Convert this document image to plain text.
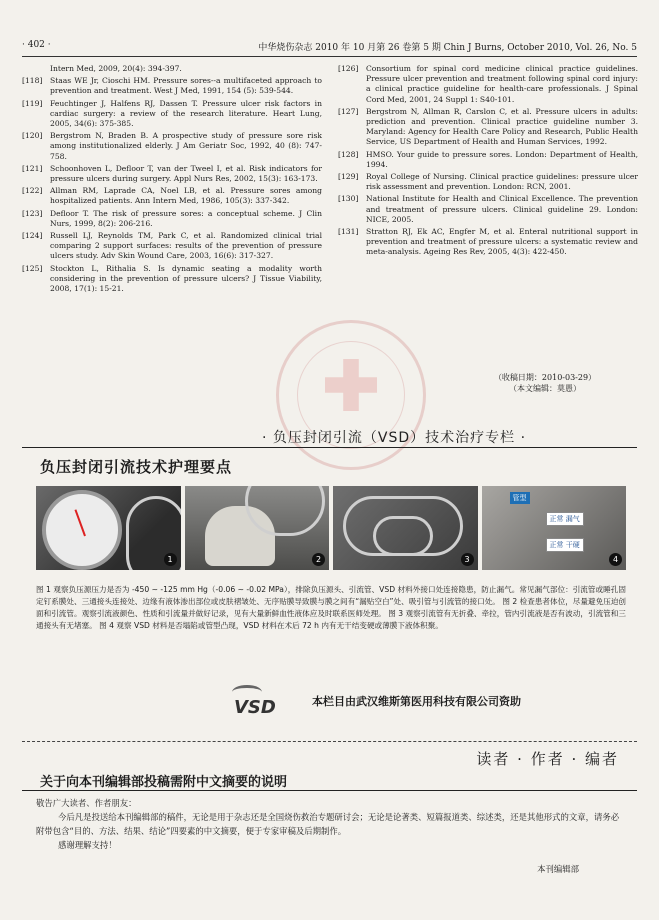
· 402 ·	中华烧伤杂志 2010 年 10 月第 26 卷第 5 期 Chin J Burns, October 2010, Vol. 26, No. 5
Intern Med, 2009, 20(4): 394-397.
[118] Staas WE Jr, Cioschi HM. Pressure sores--a multifaceted approach to prevention and treatment. West J Med, 1991, 154 (5): 539-544.
[119] Feuchtinger J, Halfens RJ, Dassen T. Pressure ulcer risk factors in cardiac surgery: a review of the research literature. Heart Lung, 2005, 34(6): 375-385.
[120] Bergstrom N, Braden B. A prospective study of pressure sore risk among institutionalized elderly. J Am Geriatr Soc, 1992, 40 (8): 747-758.
[121] Schoonhoven L, Defloor T, van der Tweel I, et al. Risk indicators for pressure ulcers during surgery. Appl Nurs Res, 2002, 15(3): 163-173.
[122] Allman RM, Laprade CA, Noel LB, et al. Pressure sores among hospitalized patients. Ann Intern Med, 1986, 105(3): 337-342.
[123] Defloor T. The risk of pressure sores: a conceptual scheme. J Clin Nurs, 1999, 8(2): 206-216.
[124] Russell LJ, Reynolds TM, Park C, et al. Randomized clinical trial comparing 2 support surfaces: results of the prevention of pressure ulcers study. Adv Skin Wound Care, 2003, 16(6): 317-327.
[125] Stockton L, Rithalia S. Is dynamic seating a modality worth considering in the prevention of pressure ulcers? J Tissue Viability, 2008, 17(1): 15-21.
[126] Consortium for spinal cord medicine clinical practice guidelines. Pressure ulcer prevention and treatment following spinal cord injury: a clinical practice guideline for health-care professionals. J Spinal Cord Med, 2001, 24 Suppl 1: S40-101.
[127] Bergstrom N, Allman R, Carslon C, et al. Pressure ulcers in adults: prediction and prevention. Clinical practice guideline number 3. Maryland: Agency for Health Care Policy and Research, Public Health Service, US Department of Health and Human Services, 1992.
[128] HMSO. Your guide to pressure sores. London: Department of Health, 1994.
[129] Royal College of Nursing. Clinical practice guidelines: pressure ulcer risk assessment and prevention. London: RCN, 2001.
[130] National Institute for Health and Clinical Excellence. The prevention and treatment of pressure ulcers. Clinical guideline 29. London: NICE, 2005.
[131] Stratton RJ, Ek AC, Engfer M, et al. Enteral nutritional support in prevention and treatment of pressure ulcers: a systematic review and meta-analysis. Ageing Res Rev, 2005, 4(3): 422-450.
（收稿日期：2010-03-29）
（本文编辑：莫愚）
· 负压封闭引流（VSD）技术治疗专栏 ·
负压封闭引流技术护理要点
1	2	3
管型
正常 漏气
正常 干硬
4
图 1 观察负压源压力是否为 -450 ~ -125 mm Hg（-0.06 ~ -0.02 MPa），排除负压源头、引流管、VSD 材料外接口处连接隐患，防止漏气。常见漏气部位：引流管或睡孔固定钉系膜处、三通接头连接处、边缘有液体渗出部位或皮肤褶皱处、无序贴膜导致膜与膜之间有“漏贴空白”处、吸引管与引流管的接口处。 图 2 检查患者体位，尽量避免压迫创面和引流管。观察引流液颜色、性质和引流量并做好记录，见有大量新鲜血性液体应及时联系医师处理。 图 3 观察引流管有无折叠、牵拉，管内引流液是否有波动，引流管和三通接头有无堵塞。 图 4 观察 VSD 材料是否塌陷或管型凸现，VSD 材料在术后 72 h 内有无干结变硬或薄膜下液体积聚。
VSD	本栏目由武汉维斯第医用科技有限公司资助
读者 · 作者 · 编者
关于向本刊编辑部投稿需附中文摘要的说明

敬告广大读者、作者朋友：

今后凡是投送给本刊编辑部的稿件，无论是用于杂志还是全国烧伤救治专题研讨会；无论是论著类、短篇报道类、综述类，还是其他形式的文章，请务必附带包含“目的、方法、结果、结论”四要素的中文摘要，便于专家审稿及后期制作。

感谢理解支持！

本刊编辑部
